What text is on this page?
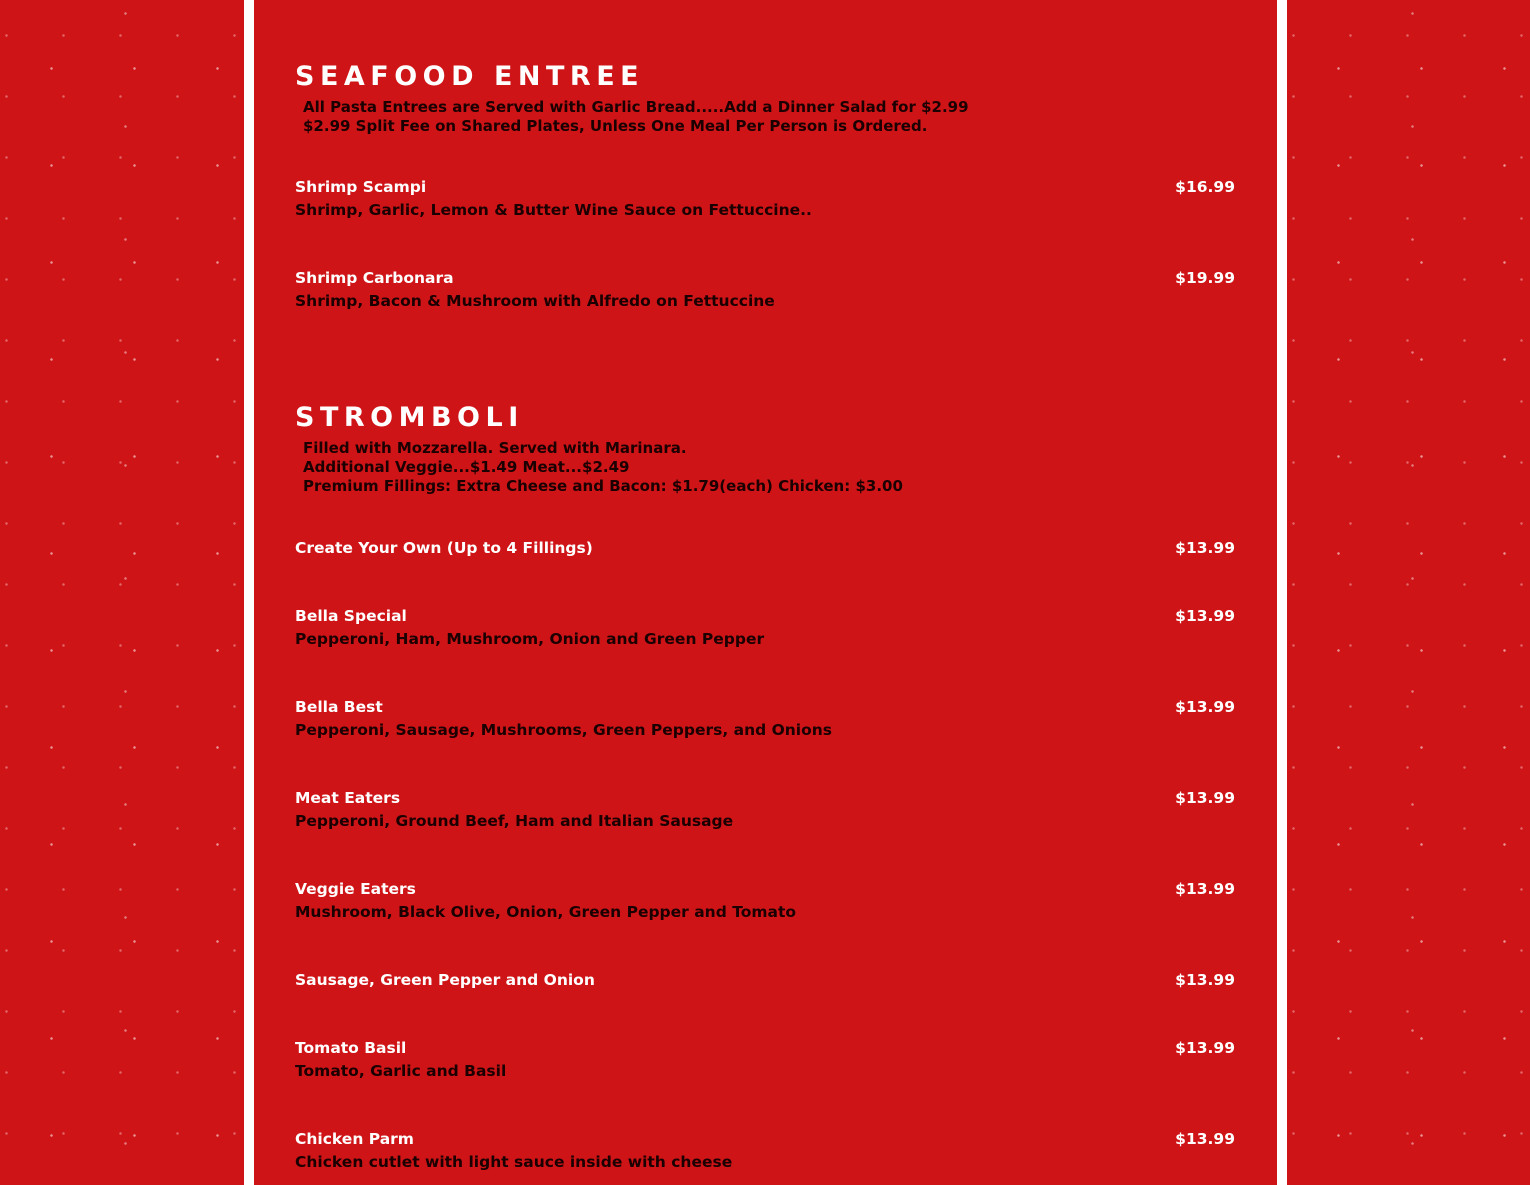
SEAFOOD ENTREE
All Pasta Entrees are Served with Garlic Bread.....Add a Dinner Salad for $2.99
$2.99 Split Fee on Shared Plates, Unless One Meal Per Person is Ordered.
Shrimp Scampi
Shrimp, Garlic, Lemon & Butter Wine Sauce on Fettuccine..
$16.99
Shrimp Carbonara
Shrimp, Bacon & Mushroom with Alfredo on Fettuccine
$19.99
STROMBOLI
Filled with Mozzarella. Served with Marinara.
Additional Veggie...$1.49 Meat...$2.49
Premium Fillings: Extra Cheese and Bacon: $1.79(each) Chicken: $3.00
Create Your Own (Up to 4 Fillings)	$13.99
Bella Special
Pepperoni, Ham, Mushroom, Onion and Green Pepper
$13.99
Bella Best
Pepperoni, Sausage, Mushrooms, Green Peppers, and Onions
$13.99
Meat Eaters
Pepperoni, Ground Beef, Ham and Italian Sausage
$13.99
Veggie Eaters
Mushroom, Black Olive, Onion, Green Pepper and Tomato
$13.99
Sausage, Green Pepper and Onion	$13.99
Tomato Basil
Tomato, Garlic and Basil
$13.99
Chicken Parm
Chicken cutlet with light sauce inside with cheese
$13.99
